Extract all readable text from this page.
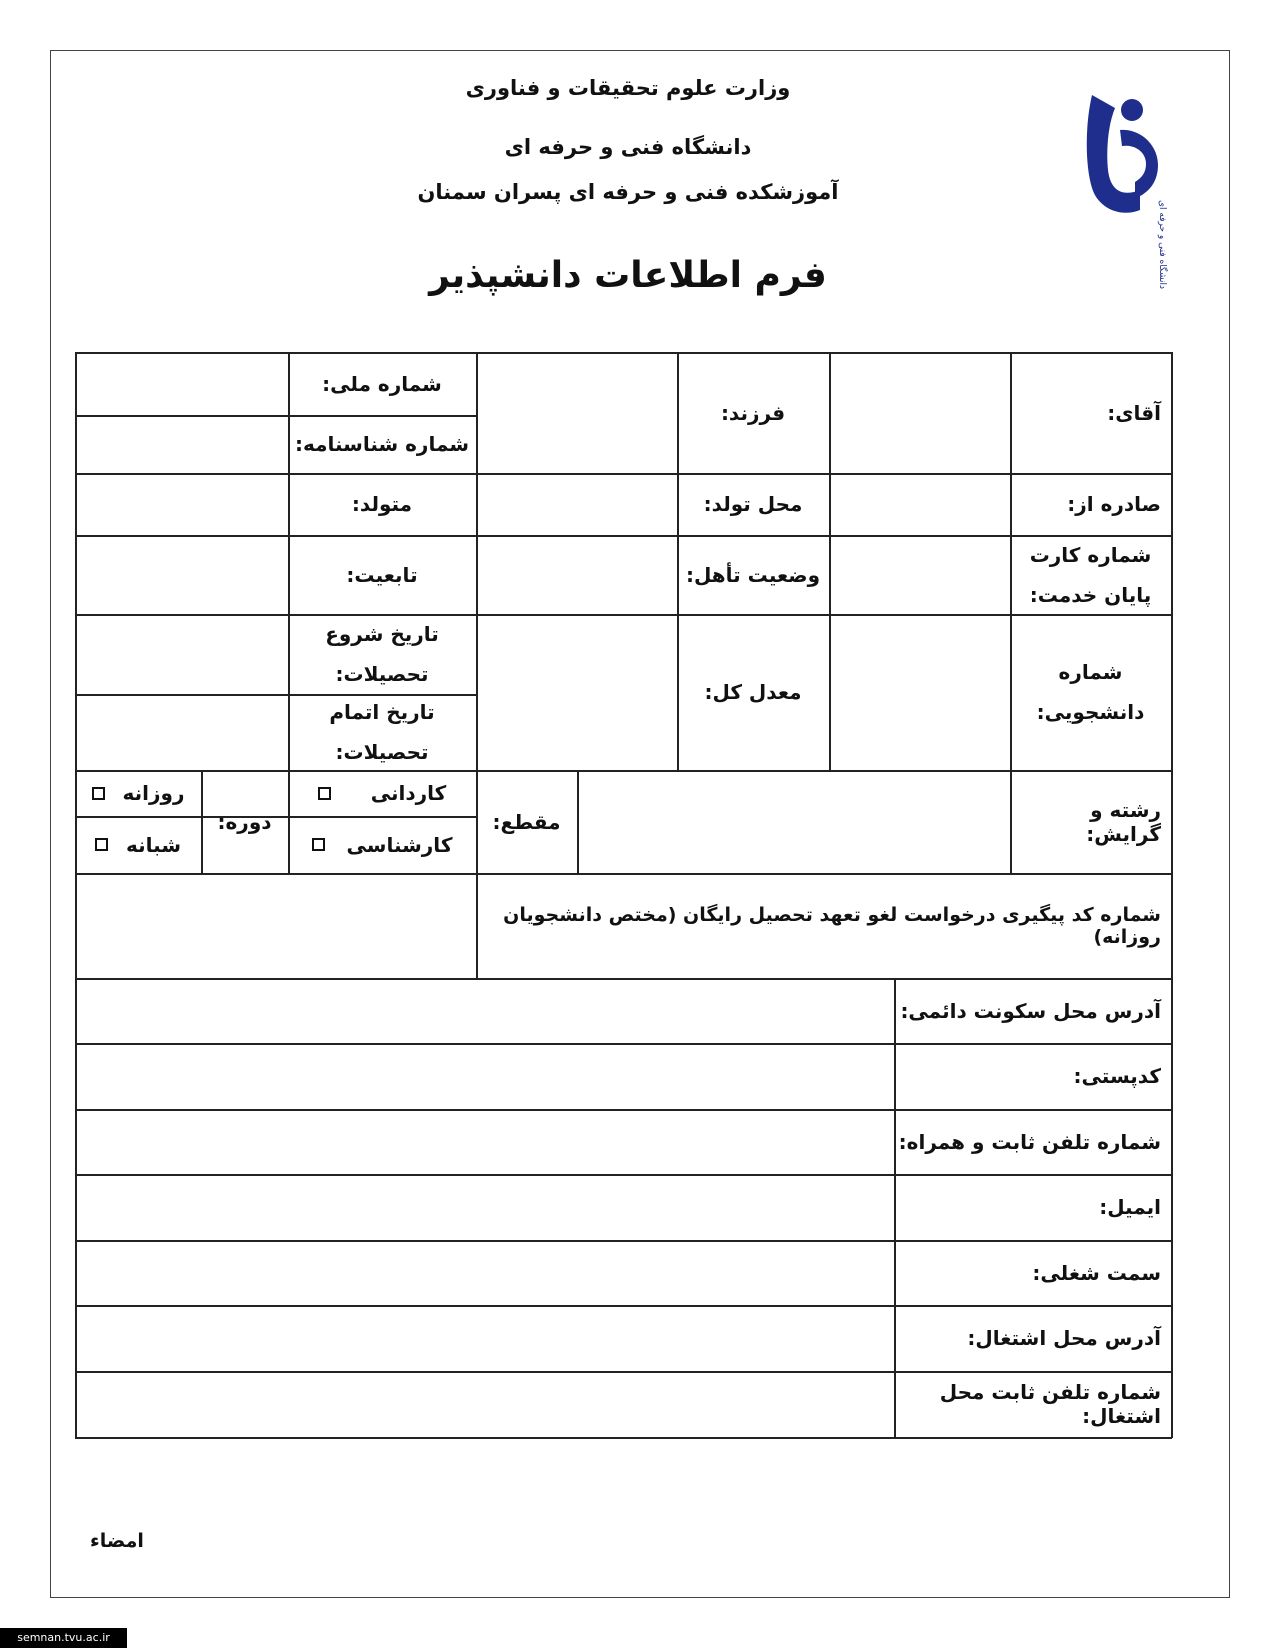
وزارت علوم تحقیقات و فناوری
دانشگاه فنی و حرفه ای
آموزشکده فنی و حرفه ای پسران سمنان
فرم اطلاعات دانشپذیر	دانشگاه فنی و حرفه ای
آقای:
فرزند:
شماره ملی:
شماره شناسنامه:
صادره از:
محل تولد:
متولد:
شماره کارت
پایان خدمت:
وضعیت تأهل:
تابعیت:
شماره
دانشجویی:
معدل کل:
تاریخ شروع
تحصیلات:
تاریخ اتمام
تحصیلات:
رشته و گرایش:
مقطع:
کاردانی
کارشناسی
دوره:
روزانه
شبانه
شماره کد پیگیری درخواست لغو تعهد تحصیل رایگان (مختص دانشجویان روزانه)
آدرس محل سکونت دائمی:
کدپستی:
شماره تلفن ثابت و همراه:
ایمیل:
سمت شغلی:
آدرس محل اشتغال:
شماره تلفن ثابت محل اشتغال:
امضاء
semnan.tvu.ac.ir
